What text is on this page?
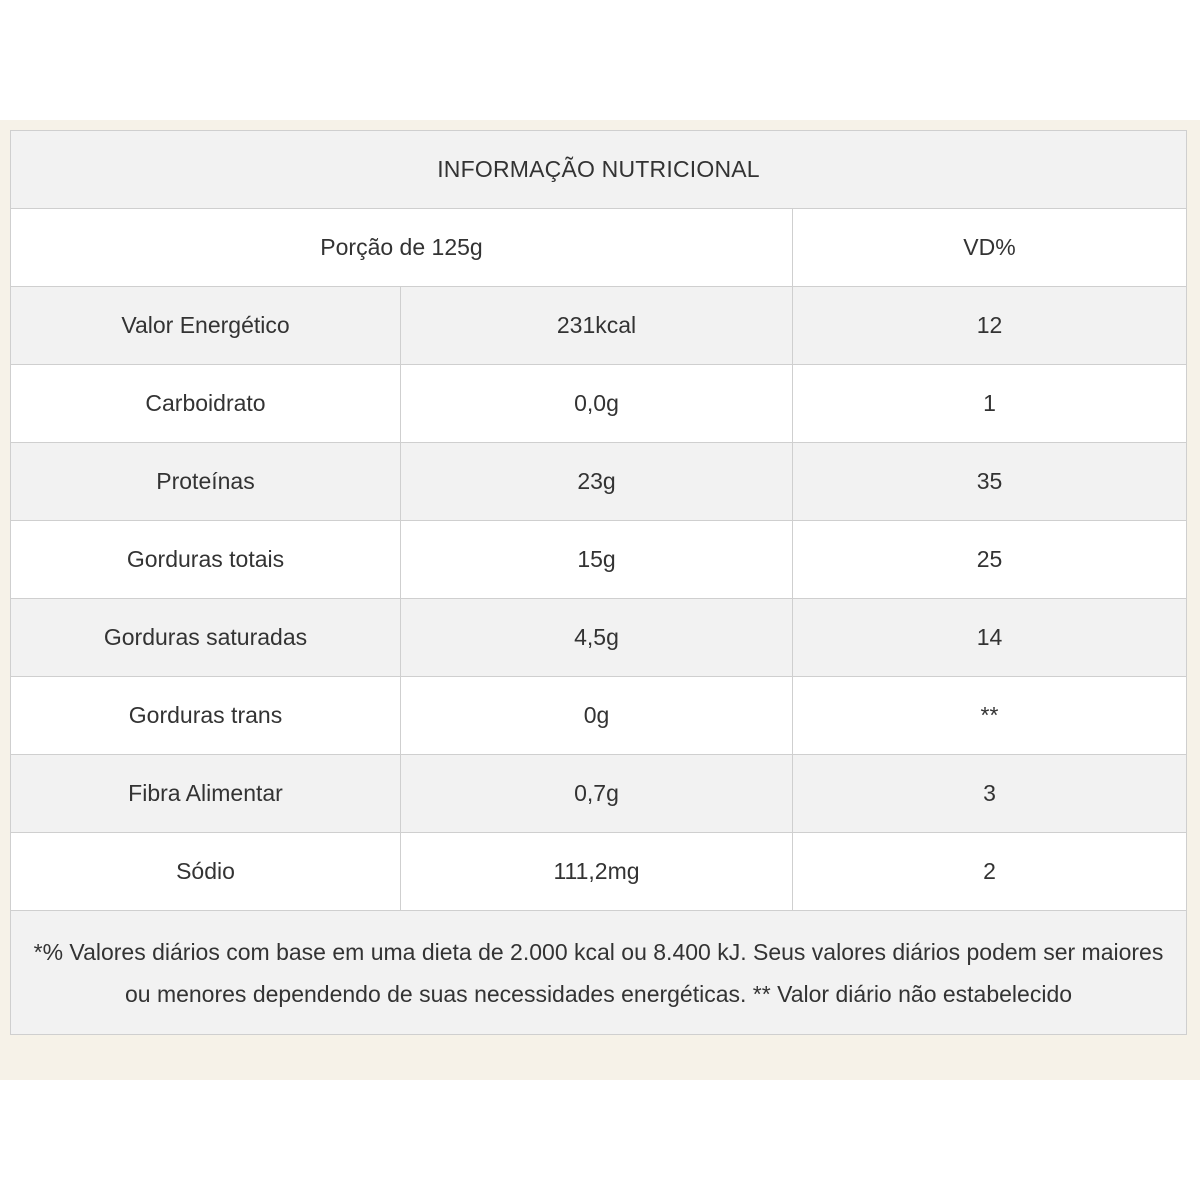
INFORMAÇÃO NUTRICIONAL		
Porção de 125g		VD%
Valor Energético	231kcal	12
Carboidrato	0,0g	1
Proteínas	23g	35
Gorduras totais	15g	25
Gorduras saturadas	4,5g	14
Gorduras trans	0g	**
Fibra Alimentar	0,7g	3
Sódio	111,2mg	2
*% Valores diários com base em uma dieta de 2.000 kcal ou 8.400 kJ. Seus valores diários podem ser maiores ou menores dependendo de suas necessidades energéticas. ** Valor diário não estabelecido		
